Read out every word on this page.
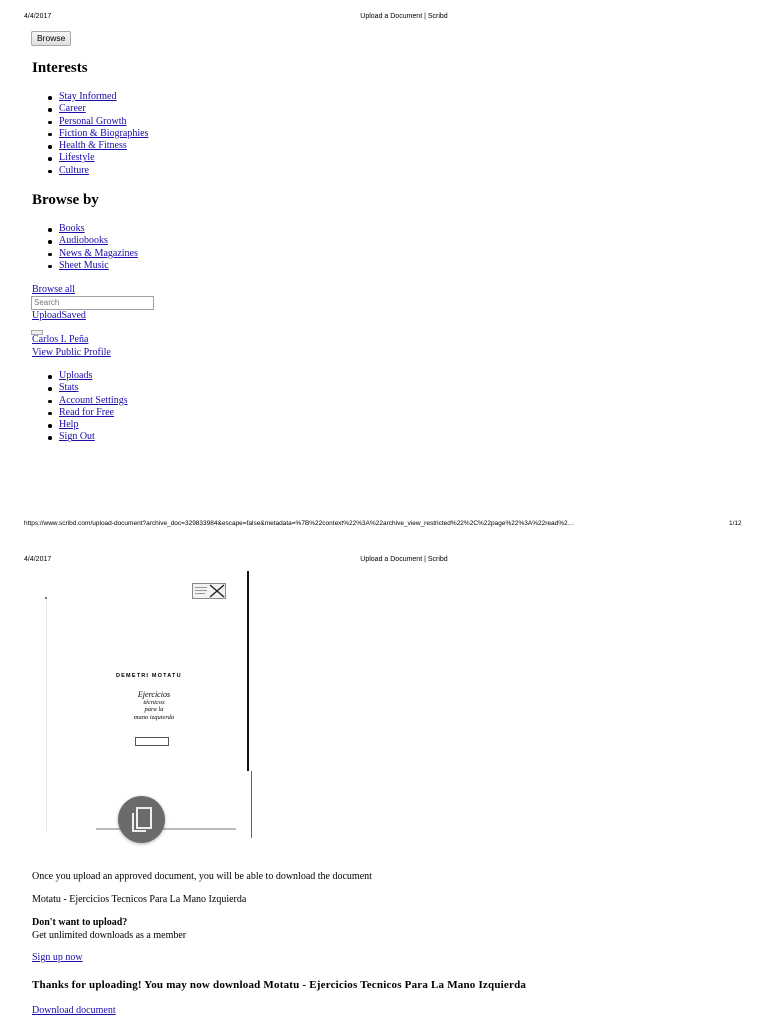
4/4/2017	Upload a Document | Scribd
Browse
Interests
Stay Informed
Career
Personal Growth
Fiction & Biographies
Health & Fitness
Lifestyle
Culture
Browse by
Books
Audiobooks
News & Magazines
Sheet Music
Browse all
Search
UploadSaved
Carlos I. Peña
View Public Profile
Uploads
Stats
Account Settings
Read for Free
Help
Sign Out
https://www.scribd.com/upload-document?archive_doc=329833984&escape=false&metadata=%7B%22context%22%3A%22archive_view_restricted%22%2C%22page%22%3A%22read%2…	1/12
4/4/2017	Upload a Document | Scribd
DEMETRI MOTATU
Ejercicios
técnicos
para la
mano izquierda
Once you upload an approved document, you will be able to download the document
Motatu - Ejercicios Tecnicos Para La Mano Izquierda
Don't want to upload?
Get unlimited downloads as a member
Sign up now
Thanks for uploading! You may now download Motatu - Ejercicios Tecnicos Para La Mano Izquierda
Download document
